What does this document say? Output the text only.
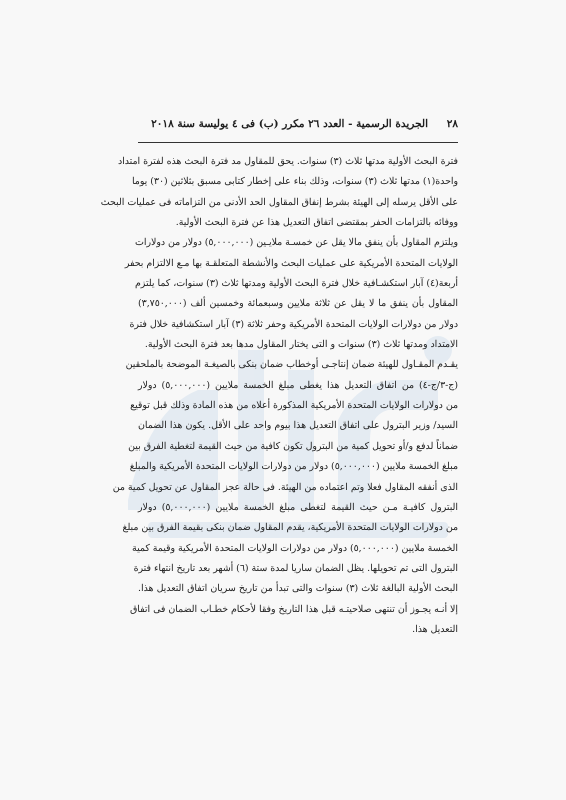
٢٨
الجريدة الرسمية - العدد ٢٦ مكرر (ب) فى ٤ يوليسة سنة ٢٠١٨
فترة البحث الأولية مدتها ثلاث (٣) سنوات. يحق للمقاول مد فترة البحث هذه لفترة امتداد
واحدة(١) مدتها ثلاث (٣) سنوات، وذلك بناء على إخطار كتابى مسبق بثلاثين (٣٠) يوما
على الأقل يرسله إلى الهيئة بشرط إنفاق المقاول الحد الأدنى من التزاماته فى عمليات البحث
ووفائه بالتزامات الحفر بمقتضى اتفاق التعديل هذا عن فترة البحث الأولية.
ويلتزم المقاول بأن ينفق مالا يقل عن خمسـة ملايـين (٥,٠٠٠,٠٠٠) دولار من دولارات
الولايات المتحدة الأمريكية على عمليات البحث والأنشطة المتعلقـة بها مـع الالتزام بحفر
أربعة(٤) آبار استكشـافية خلال فترة البحث الأولية ومدتها ثلاث (٣) سنوات، كما يلتزم
المقاول بأن ينفق ما لا يقل عن ثلاثة ملايين وسبعمائة وخمسين ألف (٣,٧٥٠,٠٠٠)
دولار من دولارات الولايات المتحدة الأمريكية وحفر ثلاثة (٣) آبار استكشافية خلال فترة
الامتداد ومدتها ثلاث (٣) سنوات و التى يختار المقاول مدها بعد فترة البحث الأولية.
يقـدم المقـاول للهيئة ضمان إنتاجـى أوخطاب ضمان بنكى بالصيغـة الموضحة بالملحقين
(ج-٣/ج-٤) من اتفاق التعديل هذا يغطى مبلغ الخمسة ملايين (٥,٠٠٠,٠٠٠) دولار
من دولارات الولايات المتحدة الأمريكية المذكورة أعلاه من هذه المادة وذلك قبل توقيع
السيد/ وزير البترول على اتفاق التعديل هذا بيوم واحد على الأقل. يكون هذا الضمان
ضماناً لدفع و/أو تحويل كمية من البترول تكون كافية من حيث القيمة لتغطية الفرق بين
مبلغ الخمسة ملايين (٥,٠٠٠,٠٠٠) دولار من دولارات الولايات المتحدة الأمريكية والمبلغ
الذى أنفقه المقاول فعلا وتم اعتماده من الهيئة. فى حالة عجز المقاول عن تحويل كمية من
البترول كافيـة مـن حيث القيمة لتغطى مبلغ الخمسة ملايين (٥,٠٠٠,٠٠٠) دولار
من دولارات الولايات المتحدة الأمريكية، يقدم المقاول ضمان بنكى بقيمة الفرق بين مبلغ
الخمسة ملايين (٥,٠٠٠,٠٠٠) دولار من دولارات الولايات المتحدة الأمريكية وقيمة كمية
البترول التى تم تحويلها. يظل الضمان ساريا لمدة ستة (٦) أشهر بعد تاريخ انتهاء فترة
البحث الأولية البالغة ثلاث (٣) سنوات والتى تبدأ من تاريخ سريان اتفاق التعديل هذا.
إلا أنـه يجـوز أن تنتهى صلاحيتـه قبل هذا التاريخ وفقا لأحكام خطـاب الضمان فى اتفاق
التعديل هذا.
